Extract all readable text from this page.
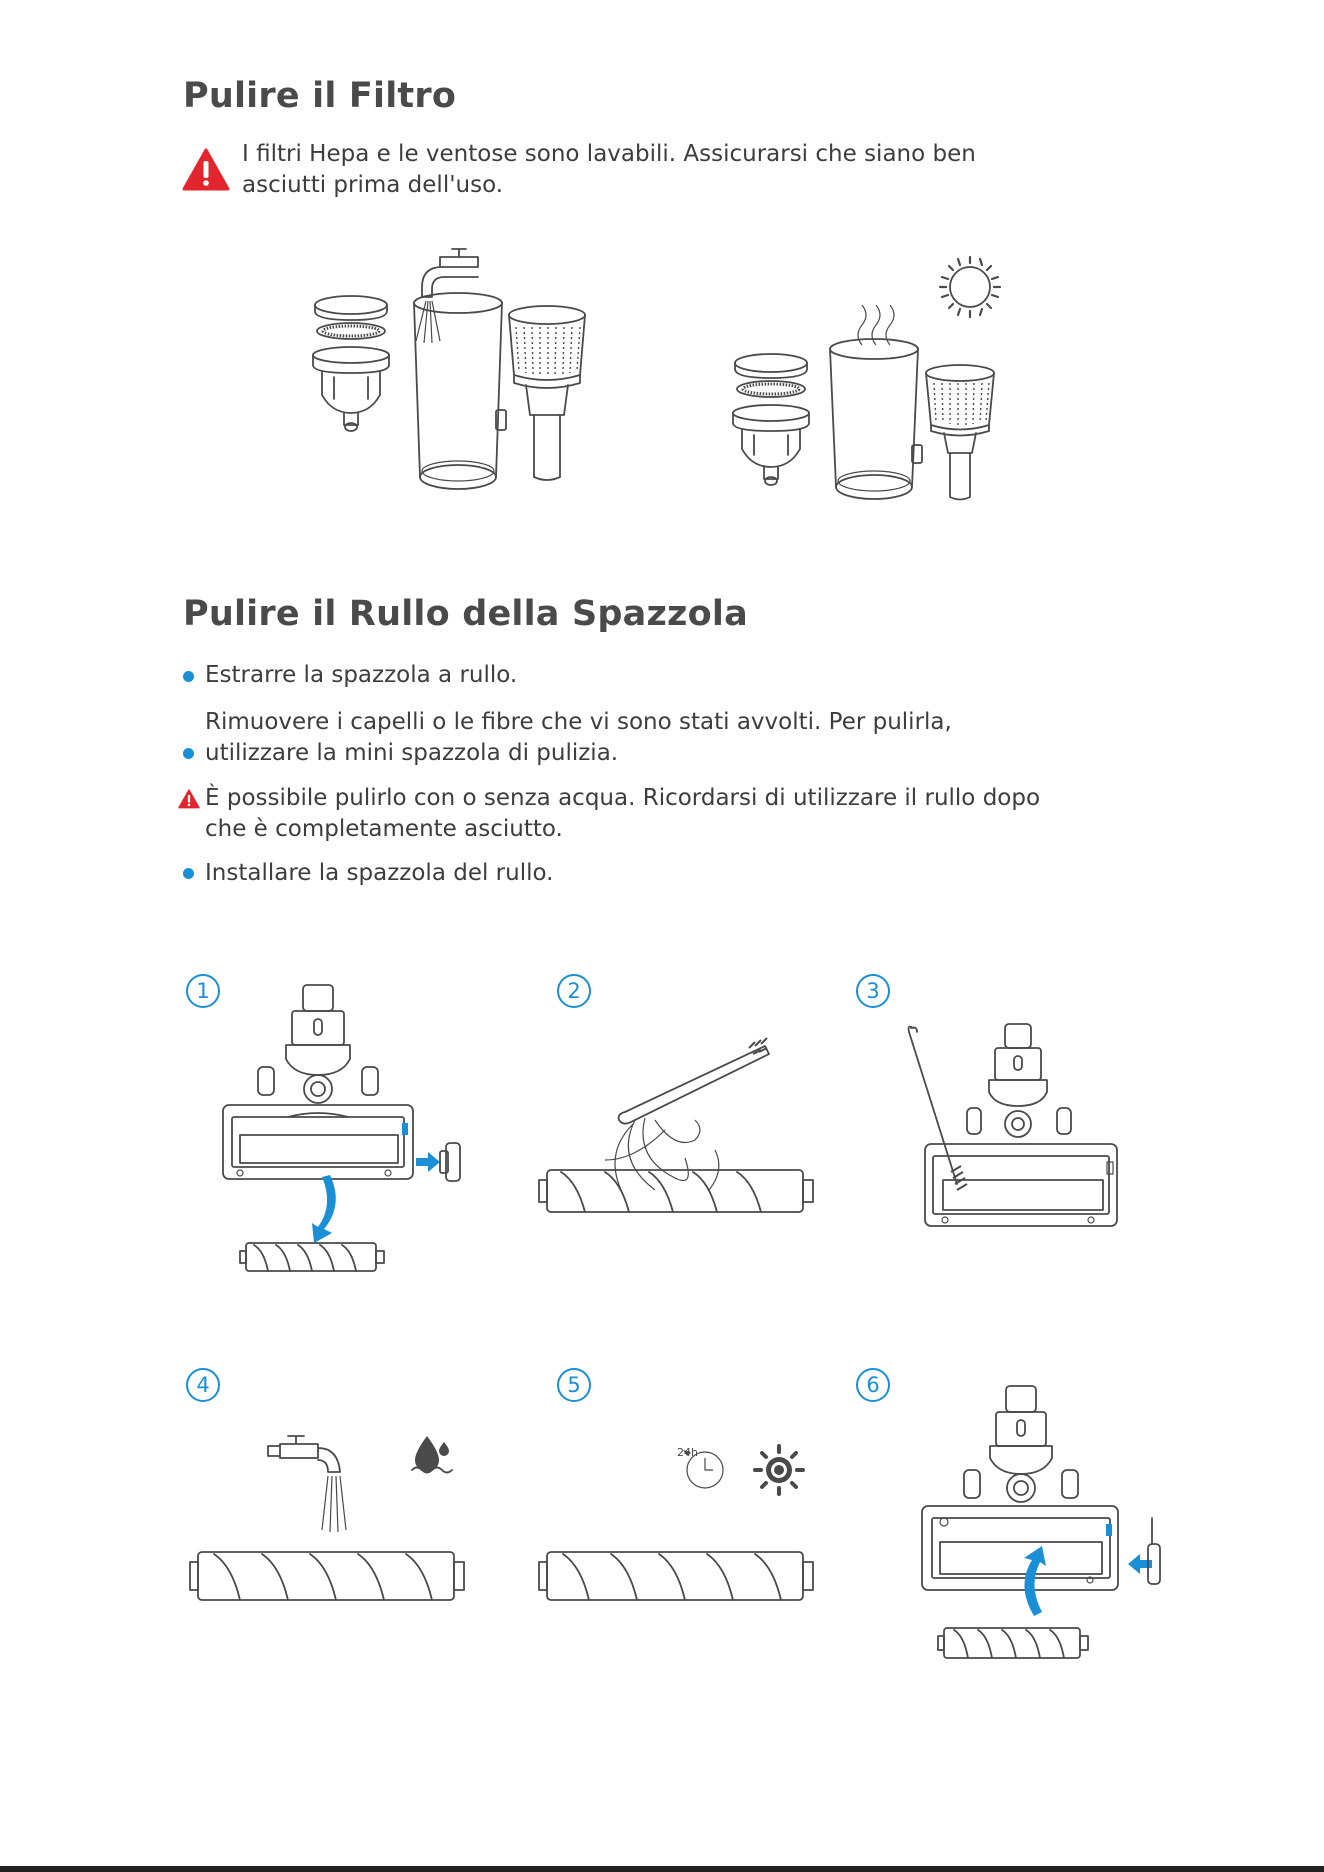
Pulire il Filtro
I filtri Hepa e le ventose sono lavabili. Assicurarsi che siano ben
asciutti prima dell'uso.
Pulire il Rullo della Spazzola
Estrarre la spazzola a rullo.
Rimuovere i capelli o le fibre che vi sono stati avvolti. Per pulirla,
utilizzare la mini spazzola di pulizia.
È possibile pulirlo con o senza acqua. Ricordarsi di utilizzare il rullo dopo
che è completamente asciutto.
Installare la spazzola del rullo.
1	2	3
4	5	6
24h
